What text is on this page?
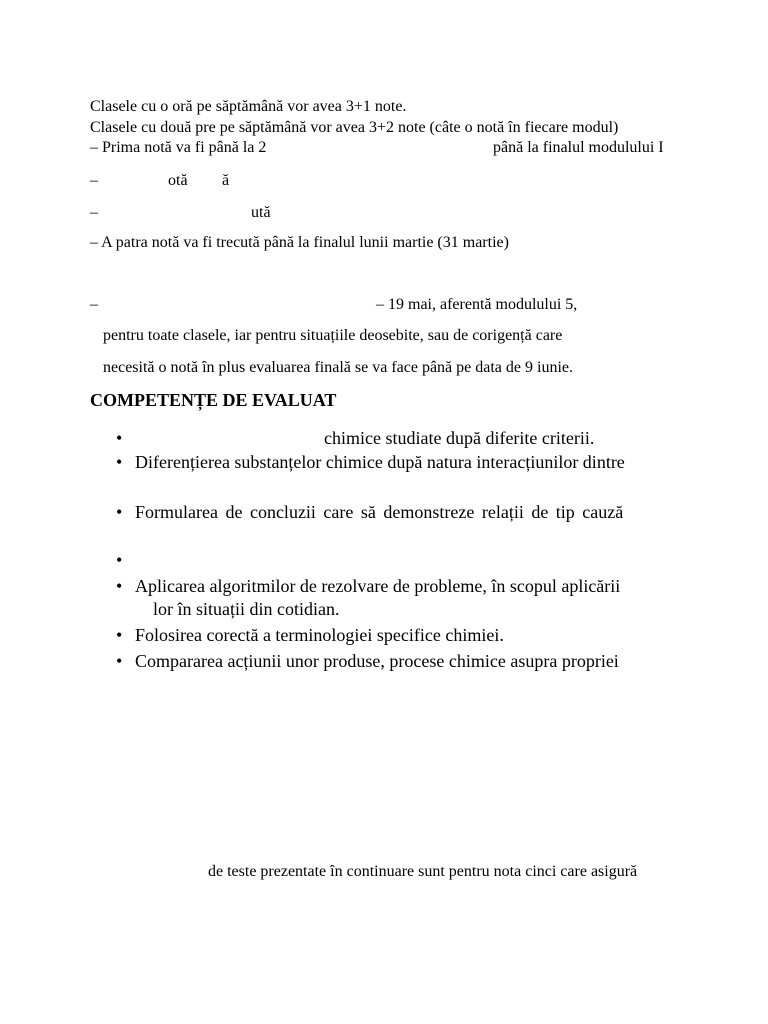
Clasele cu o oră pe săptămână vor avea 3+1 note.
Clasele cu două pre pe săptămână vor avea 3+2 note (câte o notă în fiecare modul)
– Prima notă va fi până la 2	până la finalul modulului I
–	otă ă
–	ută
– A patra notă va fi trecută până la finalul lunii martie (31 martie)
–	– 19 mai, aferentă modulului 5,
pentru toate clasele, iar pentru situațiile deosebite, sau de corigență care
necesită o notă în plus evaluarea finală se va face până pe data de 9 iunie.
COMPETENȚE DE EVALUAT
•	chimice studiate după diferite criterii.
• Diferențierea substanțelor chimice după natura interacțiunilor dintre
• Formularea de concluzii care să demonstreze relații de tip cauză
•
• Aplicarea algoritmilor de rezolvare de probleme, în scopul aplicării
lor în situații din cotidian.
• Folosirea corectă a terminologiei specifice chimiei.
• Compararea acțiunii unor produse, procese chimice asupra propriei
de teste prezentate în continuare sunt pentru nota cinci care asigură
